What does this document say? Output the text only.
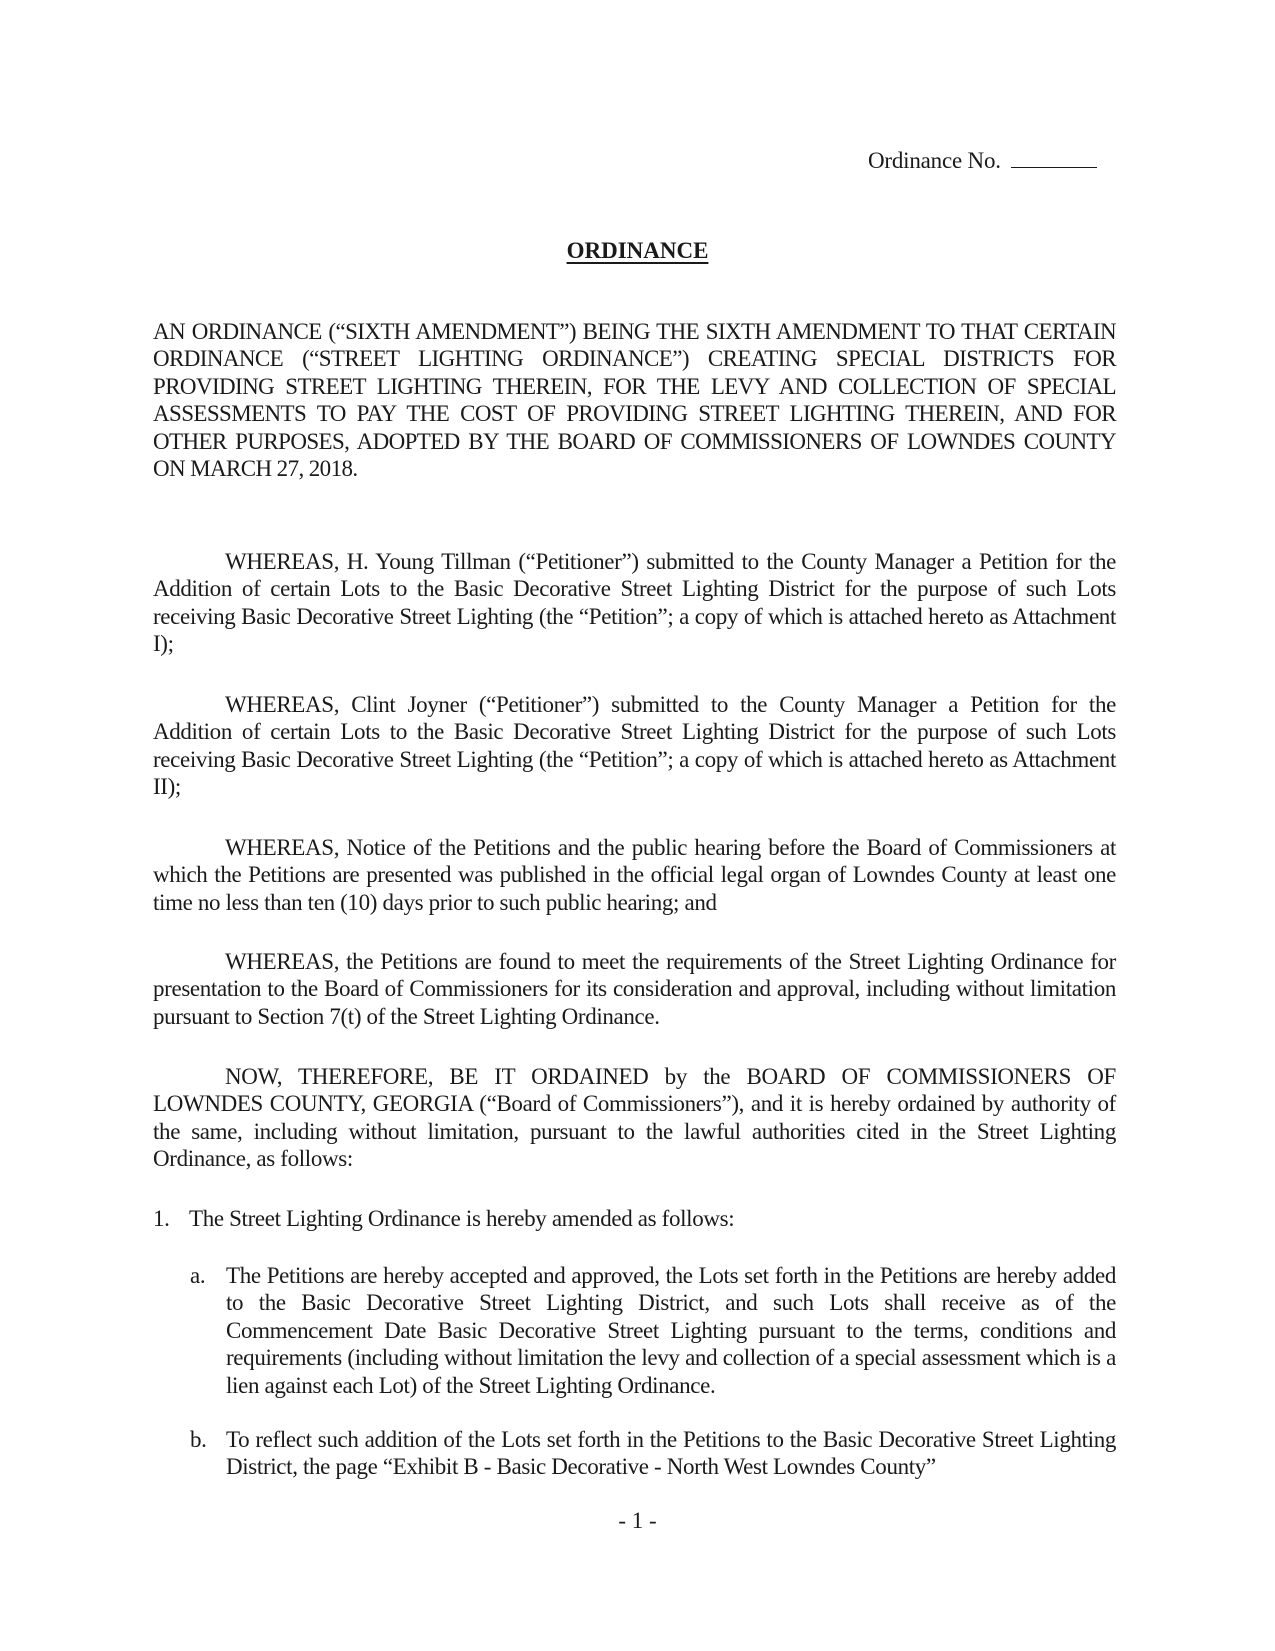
Ordinance No.
ORDINANCE
AN ORDINANCE (“SIXTH AMENDMENT”) BEING THE SIXTH AMENDMENT TO THAT CERTAIN ORDINANCE (“STREET LIGHTING ORDINANCE”) CREATING SPECIAL DISTRICTS FOR PROVIDING STREET LIGHTING THEREIN, FOR THE LEVY AND COLLECTION OF SPECIAL ASSESSMENTS TO PAY THE COST OF PROVIDING STREET LIGHTING THEREIN, AND FOR OTHER PURPOSES, ADOPTED BY THE BOARD OF COMMISSIONERS OF LOWNDES COUNTY ON MARCH 27, 2018.
WHEREAS, H. Young Tillman (“Petitioner”) submitted to the County Manager a Petition for the Addition of certain Lots to the Basic Decorative Street Lighting District for the purpose of such Lots receiving Basic Decorative Street Lighting (the “Petition”; a copy of which is attached hereto as Attachment I);
WHEREAS, Clint Joyner (“Petitioner”) submitted to the County Manager a Petition for the Addition of certain Lots to the Basic Decorative Street Lighting District for the purpose of such Lots receiving Basic Decorative Street Lighting (the “Petition”; a copy of which is attached hereto as Attachment II);
WHEREAS, Notice of the Petitions and the public hearing before the Board of Commissioners at which the Petitions are presented was published in the official legal organ of Lowndes County at least one time no less than ten (10) days prior to such public hearing; and
WHEREAS, the Petitions are found to meet the requirements of the Street Lighting Ordinance for presentation to the Board of Commissioners for its consideration and approval, including without limitation pursuant to Section 7(t) of the Street Lighting Ordinance.
NOW, THEREFORE, BE IT ORDAINED by the BOARD OF COMMISSIONERS OF LOWNDES COUNTY, GEORGIA (“Board of Commissioners”), and it is hereby ordained by authority of the same, including without limitation, pursuant to the lawful authorities cited in the Street Lighting Ordinance, as follows:
1. The Street Lighting Ordinance is hereby amended as follows:
a. The Petitions are hereby accepted and approved, the Lots set forth in the Petitions are hereby added to the Basic Decorative Street Lighting District, and such Lots shall receive as of the Commencement Date Basic Decorative Street Lighting pursuant to the terms, conditions and requirements (including without limitation the levy and collection of a special assessment which is a lien against each Lot) of the Street Lighting Ordinance.
b. To reflect such addition of the Lots set forth in the Petitions to the Basic Decorative Street Lighting District, the page “Exhibit B - Basic Decorative - North West Lowndes County”
- 1 -
